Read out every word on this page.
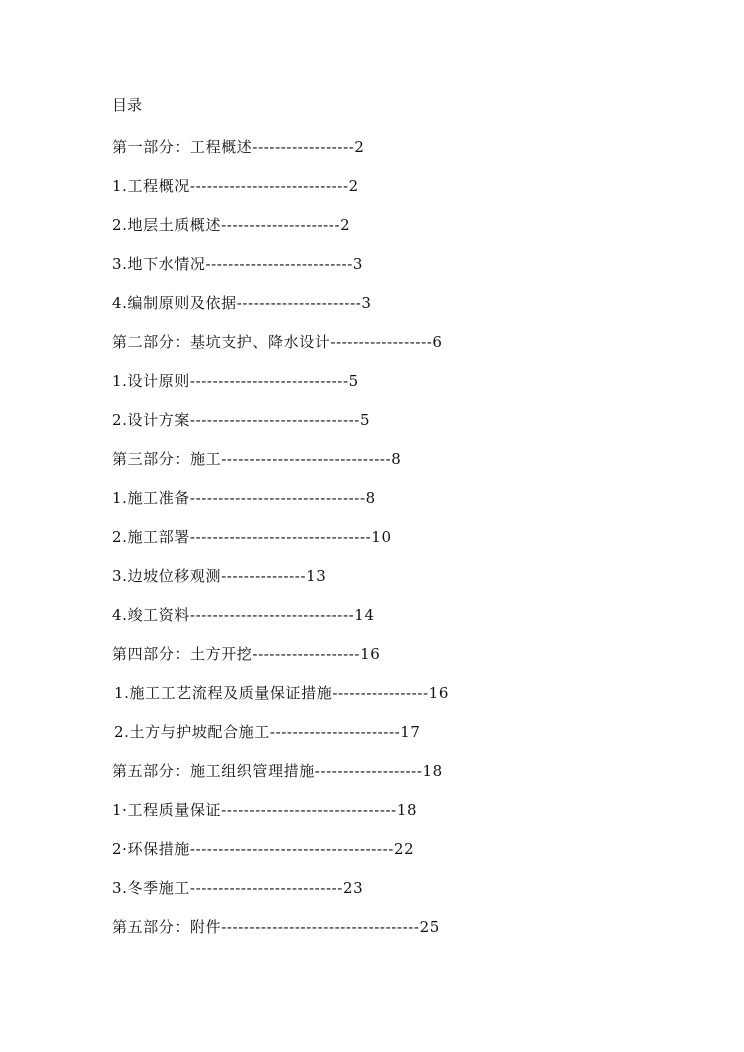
目录
第一部分：工程概述------------------2
1.工程概况----------------------------2
2.地层土质概述---------------------2
3.地下水情况--------------------------3
4.编制原则及依据----------------------3
第二部分：基坑支护、降水设计------------------6
1.设计原则----------------------------5
2.设计方案------------------------------5
第三部分：施工------------------------------8
1.施工准备-------------------------------8
2.施工部署--------------------------------10
3.边坡位移观测---------------13
4.竣工资料-----------------------------14
第四部分：土方开挖-------------------16
1.施工工艺流程及质量保证措施-----------------16
2.土方与护坡配合施工-----------------------17
第五部分：施工组织管理措施-------------------18
1·工程质量保证-------------------------------18
2·环保措施------------------------------------22
3.冬季施工---------------------------23
第五部分：附件-----------------------------------25
